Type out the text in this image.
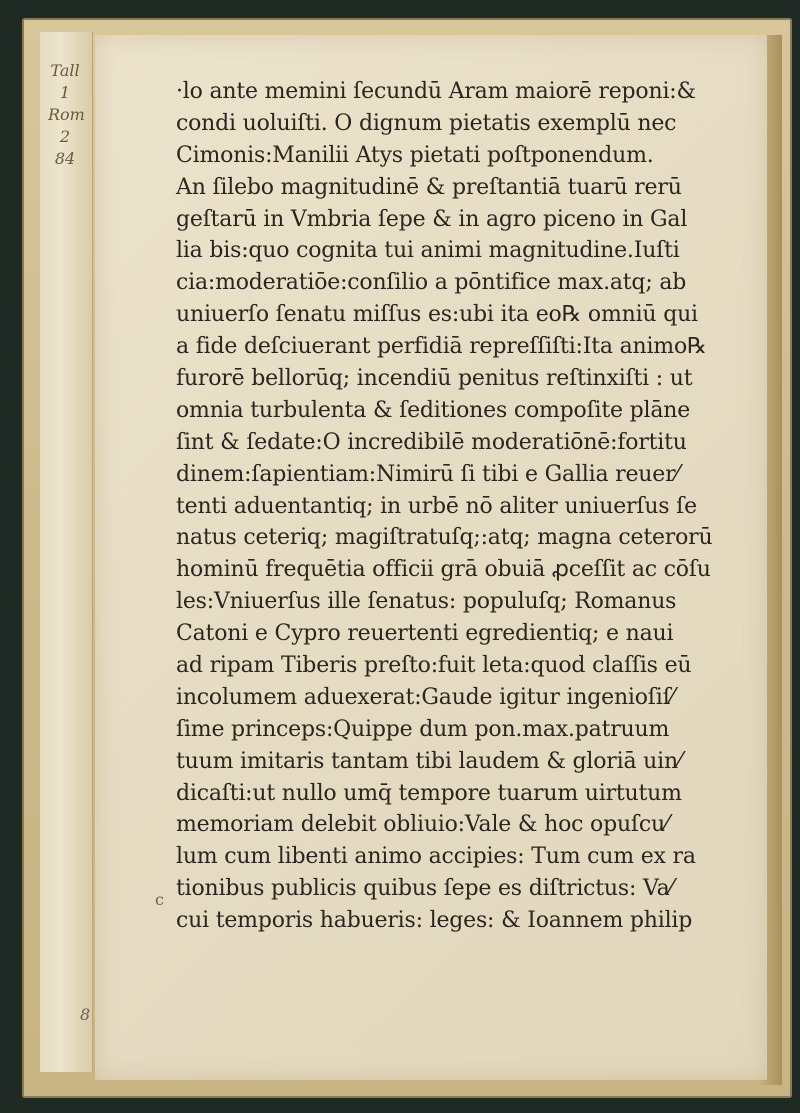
Tall
1
Rom
2
84
·lo ante memini ſecundū Aram maiorē reponi:&
condi uoluiſti. O dignum pietatis exemplū nec
Cimonis:Manilii Atys pietati poſtponendum.
An ſilebo magnitudinē & preſtantiā tuarū rerū
geſtarū in Vmbria ſepe & in agro piceno in Gal
lia bis:quo cognita tui animi magnitudine.Iuſti
cia:moderatiōe:conſilio a pōntifice max.atq; ab
uniuerſo ſenatu miſſus es:ubi ita eo℞ omniū qui
a fide deſciuerant perfidiā repreſſiſti:Ita animo℞
furorē bellorūq; incendiū penitus reſtinxiſti : ut
omnia turbulenta & ſeditiones compoſite plāne
ſint & ſedate:O incredibilē moderatiōnē:fortitu
dinem:ſapientiam:Nimirū ſi tibi e Gallia reuer⁄
tenti aduentantiq; in urbē nō aliter uniuerſus ſe
natus ceteriq; magiſtratuſq;:atq; magna ceterorū
hominū frequētia officii grā obuiā ꝓceſſit ac cōſu
les:Vniuerſus ille ſenatus: populuſq; Romanus
Catoni e Cypro reuertenti egredientiq; e naui
ad ripam Tiberis preſto:fuit leta:quod claſſis eū
incolumem aduexerat:Gaude igitur ingenioſiſ⁄
ſime princeps:Quippe dum pon.max.patruum
tuum imitaris tantam tibi laudem & gloriā uin⁄
dicaſti:ut nullo umq̄ tempore tuarum uirtutum
memoriam delebit obliuio:Vale & hoc opuſcu⁄
lum cum libenti animo accipies: Tum cum ex ra
tionibus publicis quibus ſepe es diſtrictus: Va⁄
cui temporis habueris: leges: & Ioannem philip
c
8
